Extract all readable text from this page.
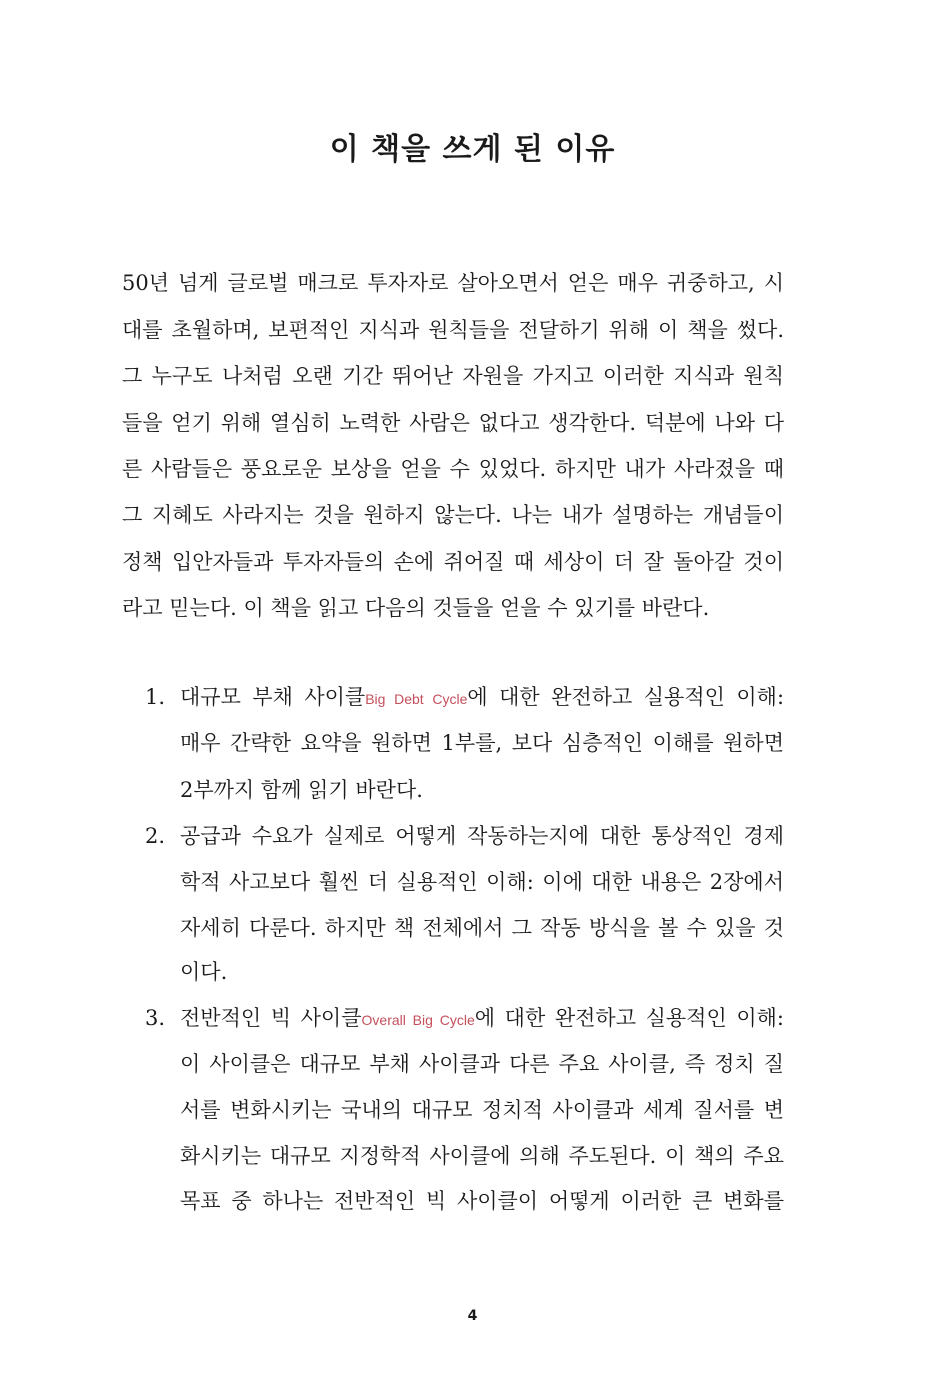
이 책을 쓰게 된 이유
50년 넘게 글로벌 매크로 투자자로 살아오면서 얻은 매우 귀중하고, 시
대를 초월하며, 보편적인 지식과 원칙들을 전달하기 위해 이 책을 썼다.
그 누구도 나처럼 오랜 기간 뛰어난 자원을 가지고 이러한 지식과 원칙
들을 얻기 위해 열심히 노력한 사람은 없다고 생각한다. 덕분에 나와 다
른 사람들은 풍요로운 보상을 얻을 수 있었다. 하지만 내가 사라졌을 때
그 지혜도 사라지는 것을 원하지 않는다. 나는 내가 설명하는 개념들이
정책 입안자들과 투자자들의 손에 쥐어질 때 세상이 더 잘 돌아갈 것이
라고 믿는다. 이 책을 읽고 다음의 것들을 얻을 수 있기를 바란다.
1. 대규모 부채 사이클Big Debt Cycle에 대한 완전하고 실용적인 이해:
매우 간략한 요약을 원하면 1부를, 보다 심층적인 이해를 원하면
2부까지 함께 읽기 바란다.
2. 공급과 수요가 실제로 어떻게 작동하는지에 대한 통상적인 경제
학적 사고보다 훨씬 더 실용적인 이해: 이에 대한 내용은 2장에서
자세히 다룬다. 하지만 책 전체에서 그 작동 방식을 볼 수 있을 것
이다.
3. 전반적인 빅 사이클Overall Big Cycle에 대한 완전하고 실용적인 이해:
이 사이클은 대규모 부채 사이클과 다른 주요 사이클, 즉 정치 질
서를 변화시키는 국내의 대규모 정치적 사이클과 세계 질서를 변
화시키는 대규모 지정학적 사이클에 의해 주도된다. 이 책의 주요
목표 중 하나는 전반적인 빅 사이클이 어떻게 이러한 큰 변화를
4
